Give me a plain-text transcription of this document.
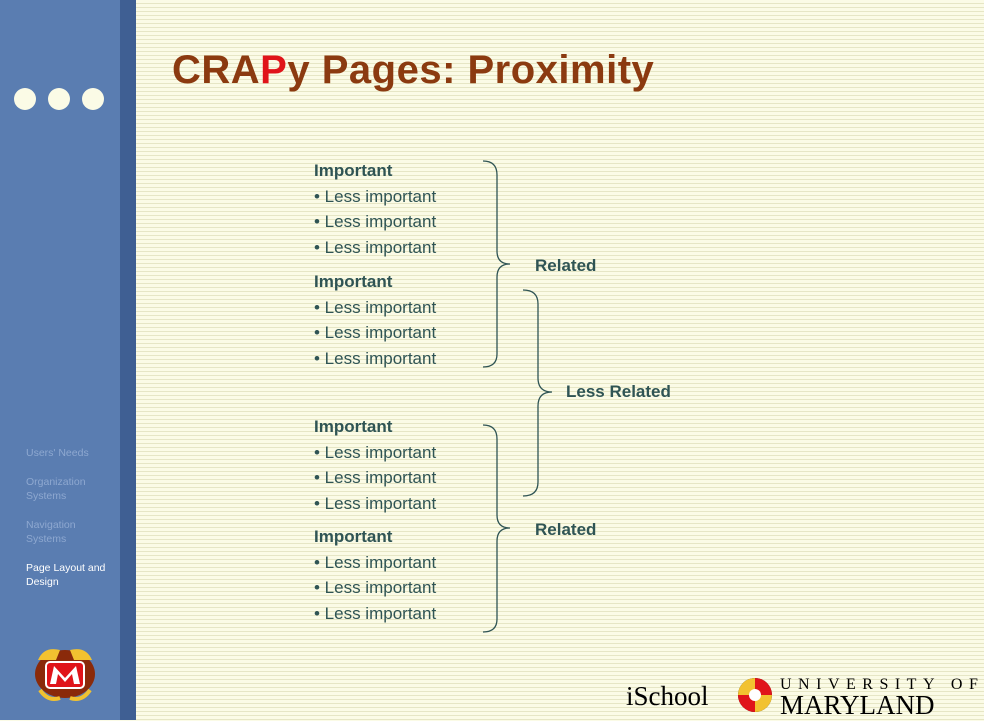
Users' Needs
Organization Systems
Navigation Systems
Page Layout and Design
CRAPy Pages: Proximity
Important
• Less important
• Less important
• Less important
Important
• Less important
• Less important
• Less important
Important
• Less important
• Less important
• Less important
Important
• Less important
• Less important
• Less important
Related
Less Related
Related
iSchool	UNIVERSITY OF
MARYLAND
